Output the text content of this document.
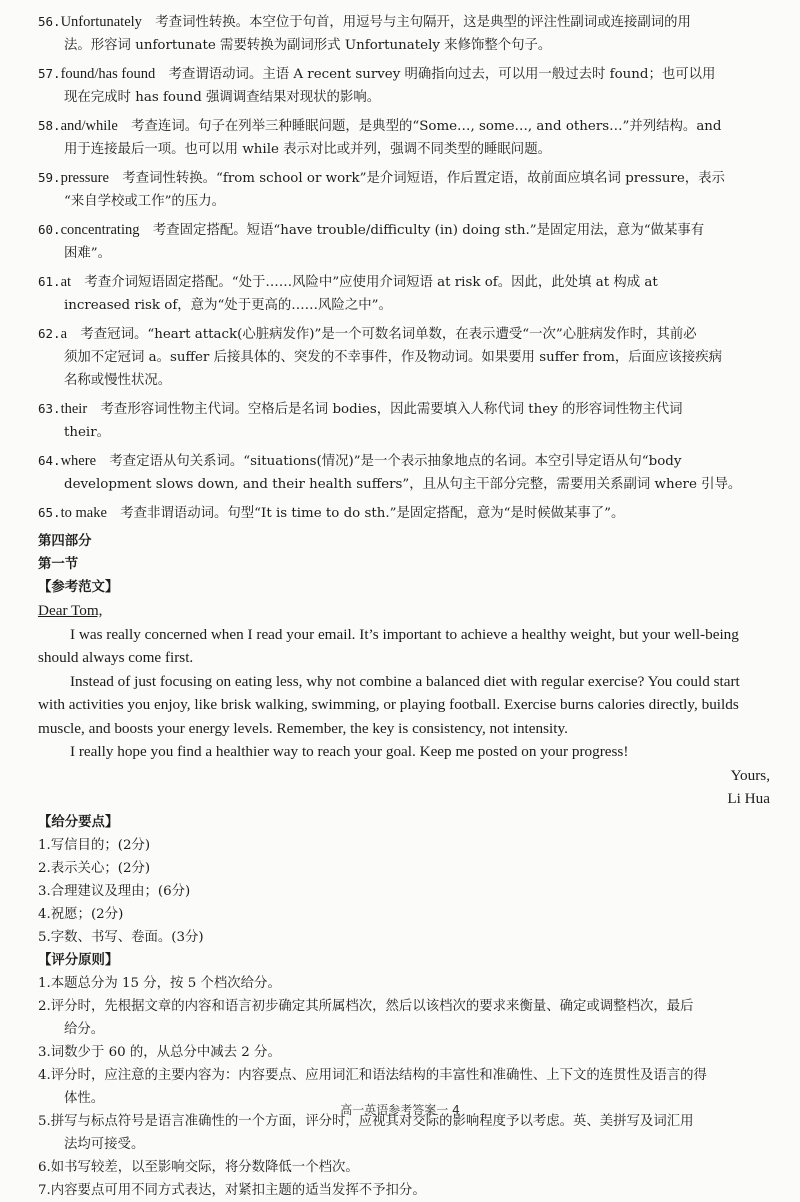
56.Unfortunately　考查词性转换。本空位于句首，用逗号与主句隔开，这是典型的评注性副词或连接副词的用
法。形容词 unfortunate 需要转换为副词形式 Unfortunately 来修饰整个句子。
57.found/has found　考查谓语动词。主语 A recent survey 明确指向过去，可以用一般过去时 found；也可以用
现在完成时 has found 强调调查结果对现状的影响。
58.and/while　考查连词。句子在列举三种睡眠问题，是典型的“Some…, some…, and others…”并列结构。and
用于连接最后一项。也可以用 while 表示对比或并列，强调不同类型的睡眠问题。
59.pressure　考查词性转换。“from school or work”是介词短语，作后置定语，故前面应填名词 pressure，表示
“来自学校或工作”的压力。
60.concentrating　考查固定搭配。短语“have trouble/difficulty (in) doing sth.”是固定用法，意为“做某事有
困难”。
61.at　考查介词短语固定搭配。“处于……风险中”应使用介词短语 at risk of。因此，此处填 at 构成 at
increased risk of，意为“处于更高的……风险之中”。
62.a　考查冠词。“heart attack(心脏病发作)”是一个可数名词单数，在表示遭受“一次”心脏病发作时，其前必
须加不定冠词 a。suffer 后接具体的、突发的不幸事件，作及物动词。如果要用 suffer from，后面应该接疾病
名称或慢性状况。
63.their　考查形容词性物主代词。空格后是名词 bodies，因此需要填入人称代词 they 的形容词性物主代词
their。
64.where　考查定语从句关系词。“situations(情况)”是一个表示抽象地点的名词。本空引导定语从句“body
development slows down, and their health suffers”，且从句主干部分完整，需要用关系副词 where 引导。
65.to make　考查非谓语动词。句型“It is time to do sth.”是固定搭配，意为“是时候做某事了”。
第四部分
第一节
【参考范文】
Dear Tom,
I was really concerned when I read your email. It’s important to achieve a healthy weight, but your well-being should always come first.
Instead of just focusing on eating less, why not combine a balanced diet with regular exercise? You could start with activities you enjoy, like brisk walking, swimming, or playing football. Exercise burns calories directly, builds muscle, and boosts your energy levels. Remember, the key is consistency, not intensity.
I really hope you find a healthier way to reach your goal. Keep me posted on your progress!
Yours,
Li Hua
【给分要点】
1.写信目的；(2分)
2.表示关心；(2分)
3.合理建议及理由；(6分)
4.祝愿；(2分)
5.字数、书写、卷面。(3分)
【评分原则】
1.本题总分为 15 分，按 5 个档次给分。
2.评分时，先根据文章的内容和语言初步确定其所属档次，然后以该档次的要求来衡量、确定或调整档次，最后
给分。
3.词数少于 60 的，从总分中减去 2 分。
4.评分时，应注意的主要内容为：内容要点、应用词汇和语法结构的丰富性和准确性、上下文的连贯性及语言的得
体性。
5.拼写与标点符号是语言准确性的一个方面，评分时，应视其对交际的影响程度予以考虑。英、美拼写及词汇用
法均可接受。
6.如书写较差，以至影响交际，将分数降低一个档次。
7.内容要点可用不同方式表达，对紧扣主题的适当发挥不予扣分。
高一英语参考答案一 4
